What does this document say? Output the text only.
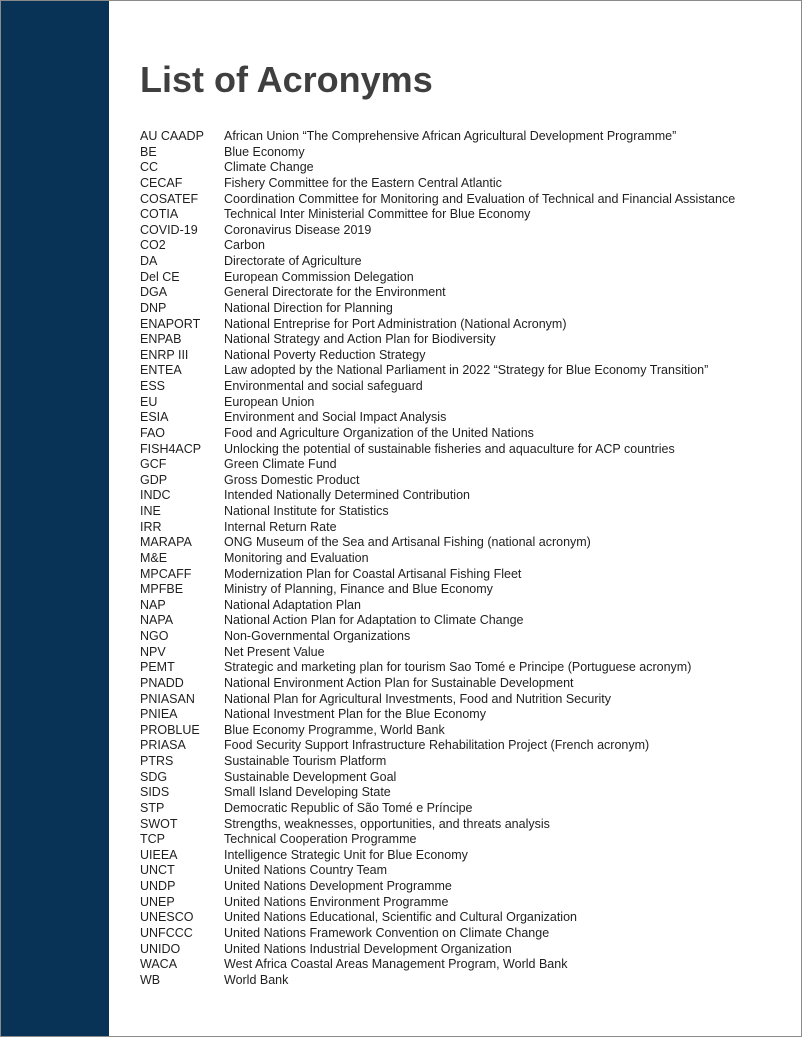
List of Acronyms
AU CAADP	African Union “The Comprehensive African Agricultural Development Programme”
BE	Blue Economy
CC	Climate Change
CECAF	Fishery Committee for the Eastern Central Atlantic
COSATEF	Coordination Committee for Monitoring and Evaluation of Technical and Financial Assistance
COTIA	Technical Inter Ministerial Committee for Blue Economy
COVID-19	Coronavirus Disease 2019
CO2	Carbon
DA	Directorate of Agriculture
Del CE	European Commission Delegation
DGA	General Directorate for the Environment
DNP	National Direction for Planning
ENAPORT	National Entreprise for Port Administration (National Acronym)
ENPAB	National Strategy and Action Plan for Biodiversity
ENRP III	National Poverty Reduction Strategy
ENTEA	Law adopted by the National Parliament in 2022 “Strategy for Blue Economy Transition”
ESS	Environmental and social safeguard
EU	European Union
ESIA	Environment and Social Impact Analysis
FAO	Food and Agriculture Organization of the United Nations
FISH4ACP	Unlocking the potential of sustainable fisheries and aquaculture for ACP countries
GCF	Green Climate Fund
GDP	Gross Domestic Product
INDC	Intended Nationally Determined Contribution
INE	National Institute for Statistics
IRR	Internal Return Rate
MARAPA	ONG Museum of the Sea and Artisanal Fishing (national acronym)
M&E	Monitoring and Evaluation
MPCAFF	Modernization Plan for Coastal Artisanal Fishing Fleet
MPFBE	Ministry of Planning, Finance and Blue Economy
NAP	National Adaptation Plan
NAPA	National Action Plan for Adaptation to Climate Change
NGO	Non-Governmental Organizations
NPV	Net Present Value
PEMT	Strategic and marketing plan for tourism Sao Tomé e Principe (Portuguese acronym)
PNADD	National Environment Action Plan for Sustainable Development
PNIASAN	National Plan for Agricultural Investments, Food and Nutrition Security
PNIEA	National Investment Plan for the Blue Economy
PROBLUE	Blue Economy Programme, World Bank
PRIASA	Food Security Support Infrastructure Rehabilitation Project (French acronym)
PTRS	Sustainable Tourism Platform
SDG	Sustainable Development Goal
SIDS	Small Island Developing State
STP	Democratic Republic of São Tomé e Príncipe
SWOT	Strengths, weaknesses, opportunities, and threats analysis
TCP	Technical Cooperation Programme
UIEEA	Intelligence Strategic Unit for Blue Economy
UNCT	United Nations Country Team
UNDP	United Nations Development Programme
UNEP	United Nations Environment Programme
UNESCO	United Nations Educational, Scientific and Cultural Organization
UNFCCC	United Nations Framework Convention on Climate Change
UNIDO	United Nations Industrial Development Organization
WACA	West Africa Coastal Areas Management Program, World Bank
WB	World Bank
